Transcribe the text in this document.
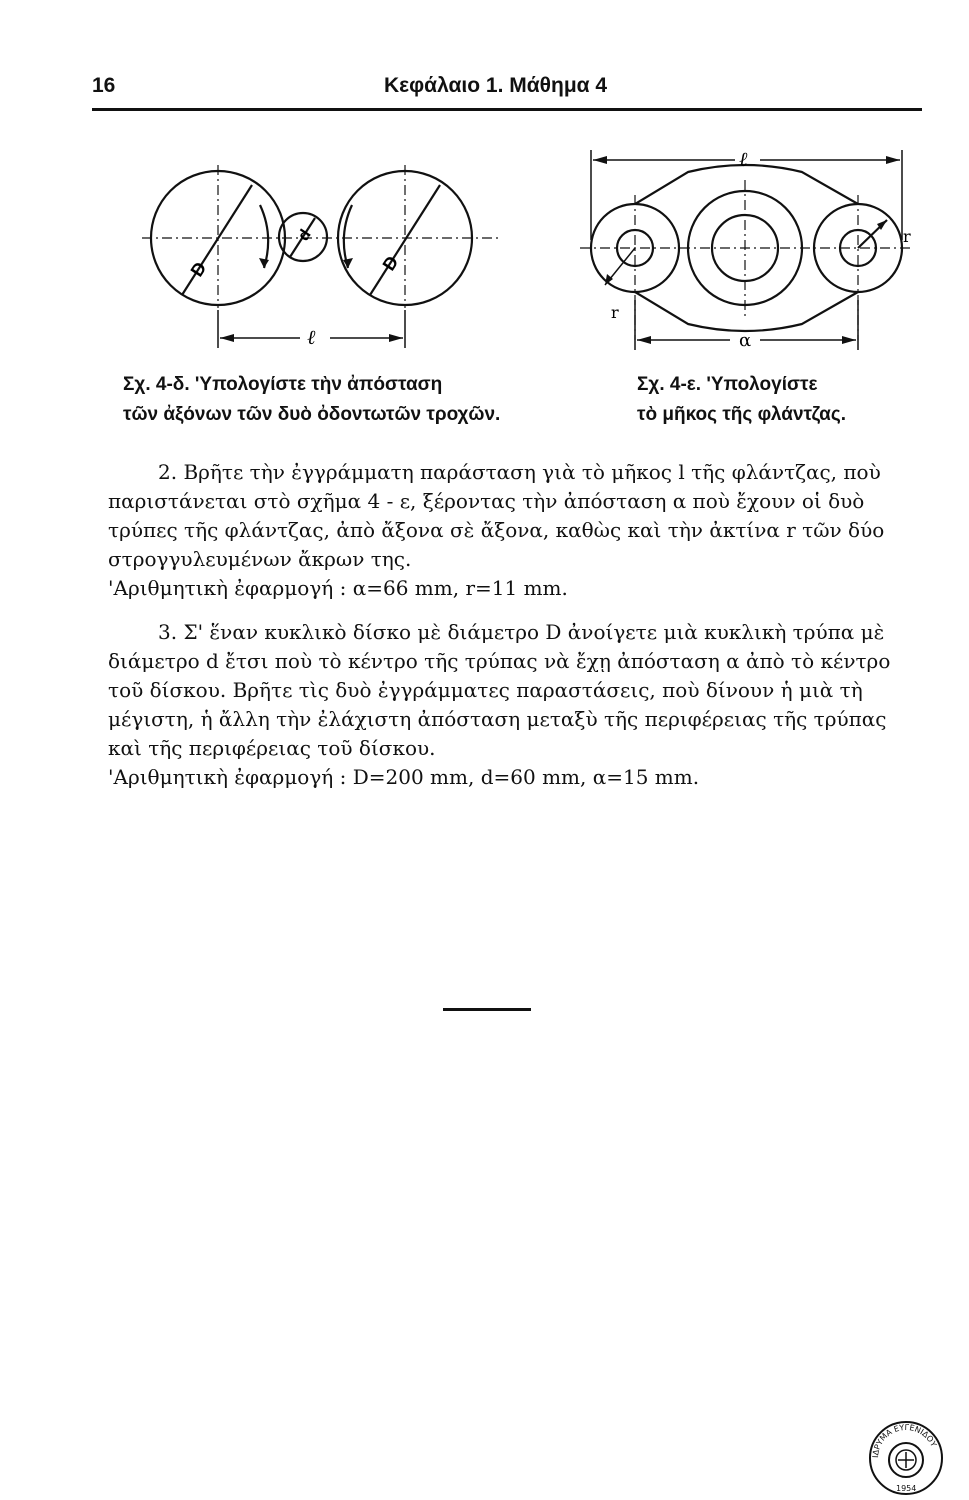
16	Κεφάλαιο 1. Μάθημα 4
D	D
d
ℓ
Σχ. 4-δ. 'Υπολογίστε τὴν ἀπόσταση
τῶν ἀξόνων τῶν δυὸ ὀδοντωτῶν τροχῶν.
ℓ
r
r
α
Σχ. 4-ε. 'Υπολογίστε
τὸ μῆκος τῆς φλάντζας.

2. Βρῆτε τὴν ἐγγράμματη παράσταση γιὰ τὸ μῆκος l τῆς φλάντζας, ποὺ παριστάνεται στὸ σχῆμα 4 - ε, ξέροντας τὴν ἀπόσταση α ποὺ ἔχουν οἱ δυὸ τρύπες τῆς φλάντζας, ἀπὸ ἄξονα σὲ ἄξονα, καθὼς καὶ τὴν ἀκτίνα r τῶν δύο στρογγυλευμένων ἄκρων της.

'Αριθμητικὴ ἐφαρμογή : α=66 mm, r=11 mm.

3. Σ' ἕναν κυκλικὸ δίσκο μὲ διάμετρο D ἀνοίγετε μιὰ κυκλικὴ τρύπα μὲ διάμετρο d ἔτσι ποὺ τὸ κέντρο τῆς τρύπας νὰ ἔχῃ ἀπόσταση α ἀπὸ τὸ κέντρο τοῦ δίσκου. Βρῆτε τὶς δυὸ ἐγγράμματες παραστάσεις, ποὺ δίνουν ἡ μιὰ τὴ μέγιστη, ἡ ἄλλη τὴν ἐλάχιστη ἀπόσταση μεταξὺ τῆς περιφέρειας τῆς τρύπας καὶ τῆς περιφέρειας τοῦ δίσκου.

'Αριθμητικὴ ἐφαρμογή : D=200 mm, d=60 mm, α=15 mm.

ΙΔΡΥΜΑ ΕΥΓΕΝΙΔΟΥ
1954
